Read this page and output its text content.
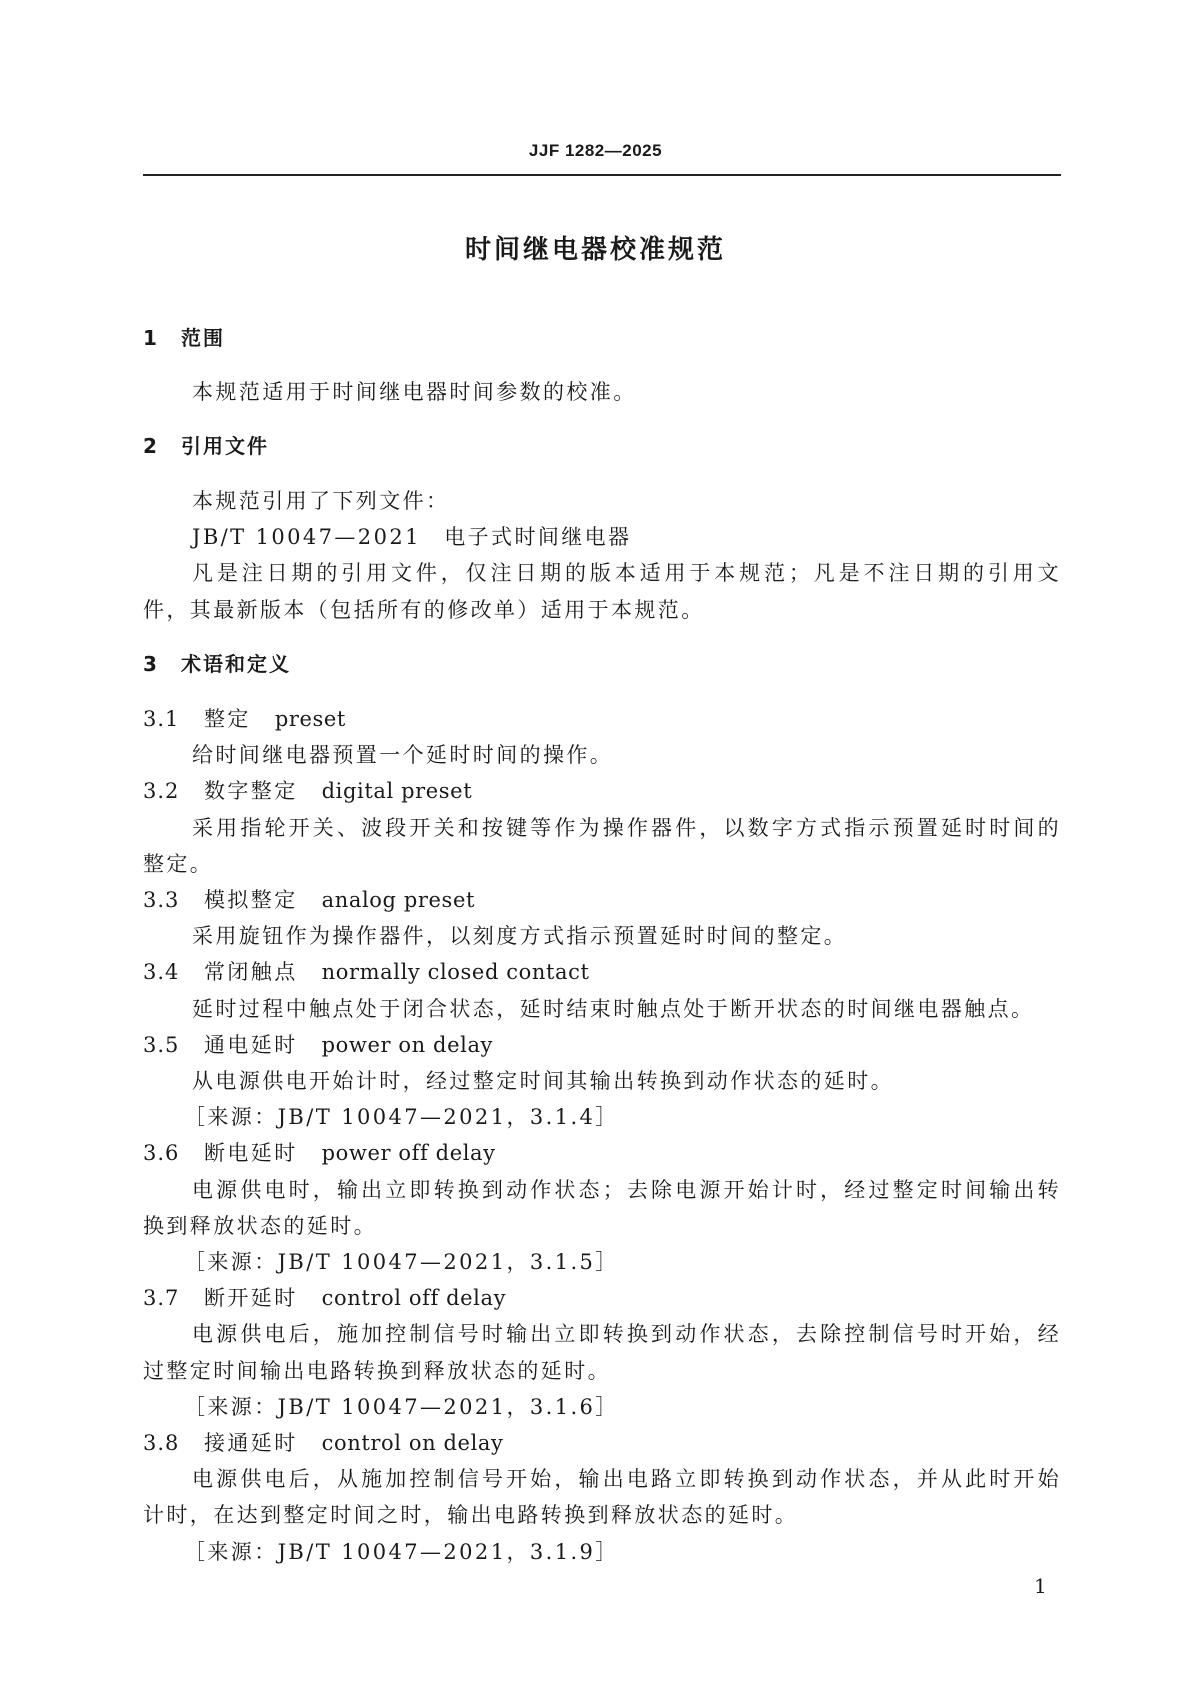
JJF 1282—2025
时间继电器校准规范
1 范围
本规范适用于时间继电器时间参数的校准。
2 引用文件
本规范引用了下列文件：
JB/T 10047—2021　电子式时间继电器
凡是注日期的引用文件，仅注日期的版本适用于本规范；凡是不注日期的引用文
件，其最新版本（包括所有的修改单）适用于本规范。
3 术语和定义
3.1 整定 preset
给时间继电器预置一个延时时间的操作。
3.2 数字整定 digital preset
采用指轮开关、波段开关和按键等作为操作器件，以数字方式指示预置延时时间的
整定。
3.3 模拟整定 analog preset
采用旋钮作为操作器件，以刻度方式指示预置延时时间的整定。
3.4 常闭触点 normally closed contact
延时过程中触点处于闭合状态，延时结束时触点处于断开状态的时间继电器触点。
3.5 通电延时 power on delay
从电源供电开始计时，经过整定时间其输出转换到动作状态的延时。
［来源：JB/T 10047—2021，3.1.4］
3.6 断电延时 power off delay
电源供电时，输出立即转换到动作状态；去除电源开始计时，经过整定时间输出转
换到释放状态的延时。
［来源：JB/T 10047—2021，3.1.5］
3.7 断开延时 control off delay
电源供电后，施加控制信号时输出立即转换到动作状态，去除控制信号时开始，经
过整定时间输出电路转换到释放状态的延时。
［来源：JB/T 10047—2021，3.1.6］
3.8 接通延时 control on delay
电源供电后，从施加控制信号开始，输出电路立即转换到动作状态，并从此时开始
计时，在达到整定时间之时，输出电路转换到释放状态的延时。
［来源：JB/T 10047—2021，3.1.9］
1
